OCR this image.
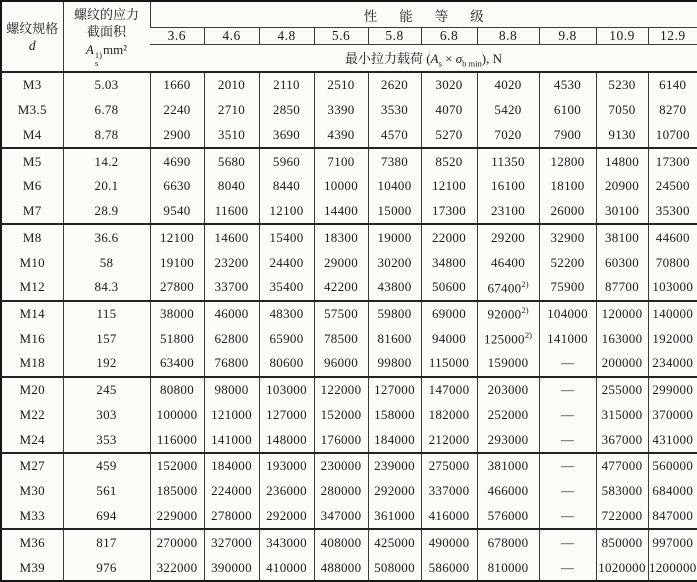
螺纹规格
d

螺纹的应力
截面积
A 1)
s
mm²
	性能等级
		3.6	4.6	4.8	5.6	5.8	6.8	8.8	9.8	10.9	12.9
		最小拉力载荷 $(A_s \times \sigma_{b min})$, N									
M3	5.03	1660	2010	2110	2510	2620	3020	4020	4530	5230	6140
M3.5	6.78	2240	2710	2850	3390	3530	4070	5420	6100	7050	8270
M4	8.78	2900	3510	3690	4390	4570	5270	7020	7900	9130	10700
M5	14.2	4690	5680	5960	7100	7380	8520	11350	12800	14800	17300
M6	20.1	6630	8040	8440	10000	10400	12100	16100	18100	20900	24500
M7	28.9	9540	11600	12100	14400	15000	17300	23100	26000	30100	35300
M8	36.6	12100	14600	15400	18300	19000	22000	29200	32900	38100	44600
M10	58	19100	23200	24400	29000	30200	34800	46400	52200	60300	70800
M12	84.3	27800	33700	35400	42200	43800	50600	67400$^{2)}$	75900	87700	103000
M14	115	38000	46000	48300	57500	59800	69000	92000$^{2)}$	104000	120000	140000
M16	157	51800	62800	65900	78500	81600	94000	125000$^{2)}$	141000	163000	192000
M18	192	63400	76800	80600	96000	99800	115000	159000	—	200000	234000
M20	245	80800	98000	103000	122000	127000	147000	203000	—	255000	299000
M22	303	100000	121000	127000	152000	158000	182000	252000	—	315000	370000
M24	353	116000	141000	148000	176000	184000	212000	293000	—	367000	431000
M27	459	152000	184000	193000	230000	239000	275000	381000	—	477000	560000
M30	561	185000	224000	236000	280000	292000	337000	466000	—	583000	684000
M33	694	229000	278000	292000	347000	361000	416000	576000	—	722000	847000
M36	817	270000	327000	343000	408000	425000	490000	678000	—	850000	997000
M39	976	322000	390000	410000	488000	508000	586000	810000	—	1020000	1200000
